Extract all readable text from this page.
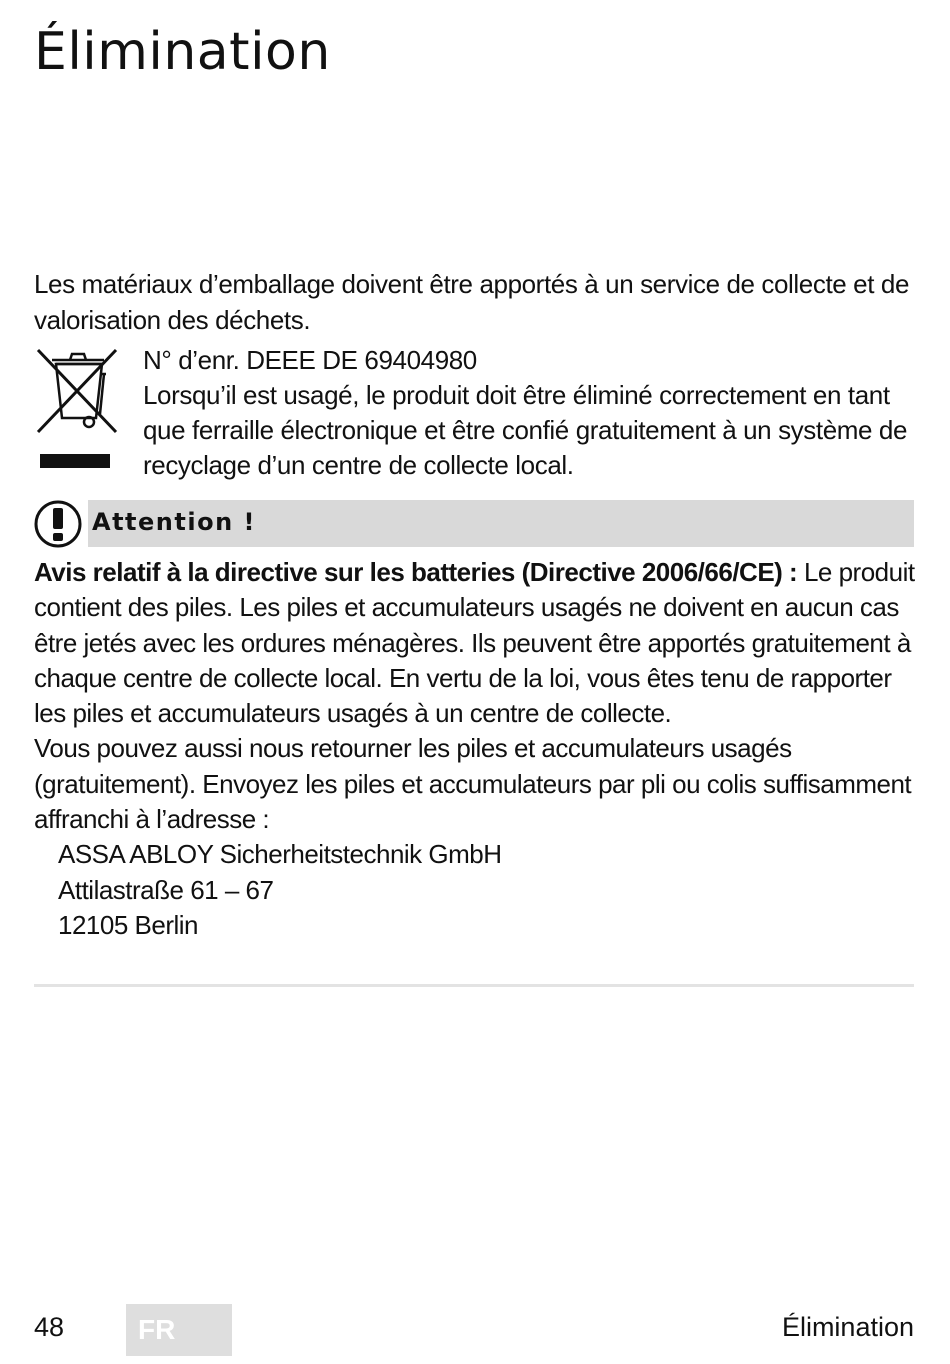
Élimination
Les matériaux d’emballage doivent être apportés à un service de collecte et de valorisation des déchets.
N° d’enr. DEEE DE 69404980
Lorsqu’il est usagé, le produit doit être éliminé correctement en tant que ferraille électronique et être confié gratuitement à un système de recyclage d’un centre de collecte local.
Attention !
Avis relatif à la directive sur les batteries (Directive 2006/66/CE) : Le produit contient des piles. Les piles et accumulateurs usagés ne doivent en aucun cas être jetés avec les ordures ménagères. Ils peuvent être apportés gratuitement à chaque centre de collecte local. En vertu de la loi, vous êtes tenu de rapporter les piles et accumulateurs usagés à un centre de collecte.
Vous pouvez aussi nous retourner les piles et accumulateurs usagés (gratuitement). Envoyez les piles et accumulateurs par pli ou colis suffisamment affranchi à l’adresse :
ASSA ABLOY Sicherheitstechnik GmbH
Attilastraße 61 – 67
12105 Berlin
48	FR	Élimination
